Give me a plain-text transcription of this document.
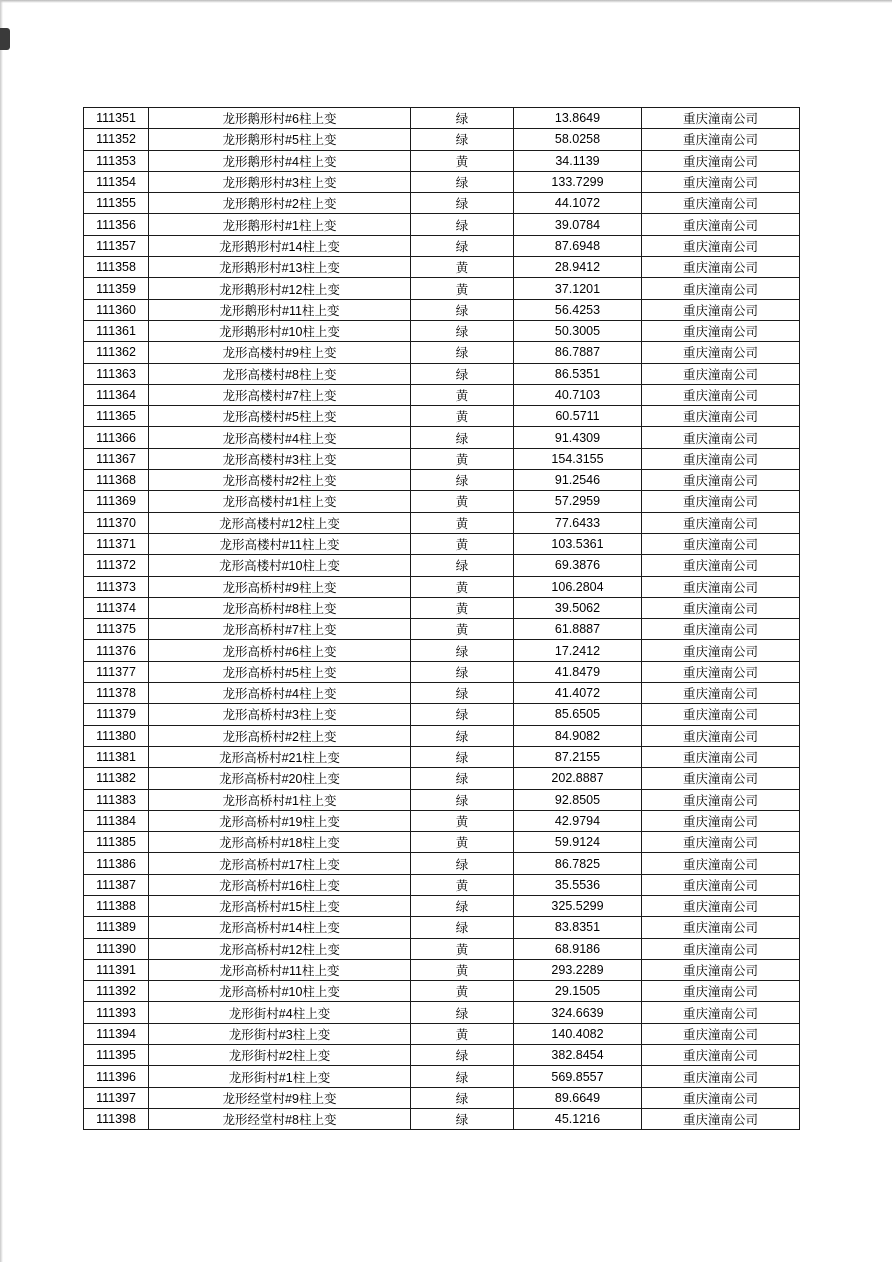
111351	龙形鹅形村#6柱上变	绿	13.8649	重庆潼南公司
111352	龙形鹅形村#5柱上变	绿	58.0258	重庆潼南公司
111353	龙形鹅形村#4柱上变	黄	34.1139	重庆潼南公司
111354	龙形鹅形村#3柱上变	绿	133.7299	重庆潼南公司
111355	龙形鹅形村#2柱上变	绿	44.1072	重庆潼南公司
111356	龙形鹅形村#1柱上变	绿	39.0784	重庆潼南公司
111357	龙形鹅形村#14柱上变	绿	87.6948	重庆潼南公司
111358	龙形鹅形村#13柱上变	黄	28.9412	重庆潼南公司
111359	龙形鹅形村#12柱上变	黄	37.1201	重庆潼南公司
111360	龙形鹅形村#11柱上变	绿	56.4253	重庆潼南公司
111361	龙形鹅形村#10柱上变	绿	50.3005	重庆潼南公司
111362	龙形高楼村#9柱上变	绿	86.7887	重庆潼南公司
111363	龙形高楼村#8柱上变	绿	86.5351	重庆潼南公司
111364	龙形高楼村#7柱上变	黄	40.7103	重庆潼南公司
111365	龙形高楼村#5柱上变	黄	60.5711	重庆潼南公司
111366	龙形高楼村#4柱上变	绿	91.4309	重庆潼南公司
111367	龙形高楼村#3柱上变	黄	154.3155	重庆潼南公司
111368	龙形高楼村#2柱上变	绿	91.2546	重庆潼南公司
111369	龙形高楼村#1柱上变	黄	57.2959	重庆潼南公司
111370	龙形高楼村#12柱上变	黄	77.6433	重庆潼南公司
111371	龙形高楼村#11柱上变	黄	103.5361	重庆潼南公司
111372	龙形高楼村#10柱上变	绿	69.3876	重庆潼南公司
111373	龙形高桥村#9柱上变	黄	106.2804	重庆潼南公司
111374	龙形高桥村#8柱上变	黄	39.5062	重庆潼南公司
111375	龙形高桥村#7柱上变	黄	61.8887	重庆潼南公司
111376	龙形高桥村#6柱上变	绿	17.2412	重庆潼南公司
111377	龙形高桥村#5柱上变	绿	41.8479	重庆潼南公司
111378	龙形高桥村#4柱上变	绿	41.4072	重庆潼南公司
111379	龙形高桥村#3柱上变	绿	85.6505	重庆潼南公司
111380	龙形高桥村#2柱上变	绿	84.9082	重庆潼南公司
111381	龙形高桥村#21柱上变	绿	87.2155	重庆潼南公司
111382	龙形高桥村#20柱上变	绿	202.8887	重庆潼南公司
111383	龙形高桥村#1柱上变	绿	92.8505	重庆潼南公司
111384	龙形高桥村#19柱上变	黄	42.9794	重庆潼南公司
111385	龙形高桥村#18柱上变	黄	59.9124	重庆潼南公司
111386	龙形高桥村#17柱上变	绿	86.7825	重庆潼南公司
111387	龙形高桥村#16柱上变	黄	35.5536	重庆潼南公司
111388	龙形高桥村#15柱上变	绿	325.5299	重庆潼南公司
111389	龙形高桥村#14柱上变	绿	83.8351	重庆潼南公司
111390	龙形高桥村#12柱上变	黄	68.9186	重庆潼南公司
111391	龙形高桥村#11柱上变	黄	293.2289	重庆潼南公司
111392	龙形高桥村#10柱上变	黄	29.1505	重庆潼南公司
111393	龙形街村#4柱上变	绿	324.6639	重庆潼南公司
111394	龙形街村#3柱上变	黄	140.4082	重庆潼南公司
111395	龙形街村#2柱上变	绿	382.8454	重庆潼南公司
111396	龙形街村#1柱上变	绿	569.8557	重庆潼南公司
111397	龙形经堂村#9柱上变	绿	89.6649	重庆潼南公司
111398	龙形经堂村#8柱上变	绿	45.1216	重庆潼南公司
